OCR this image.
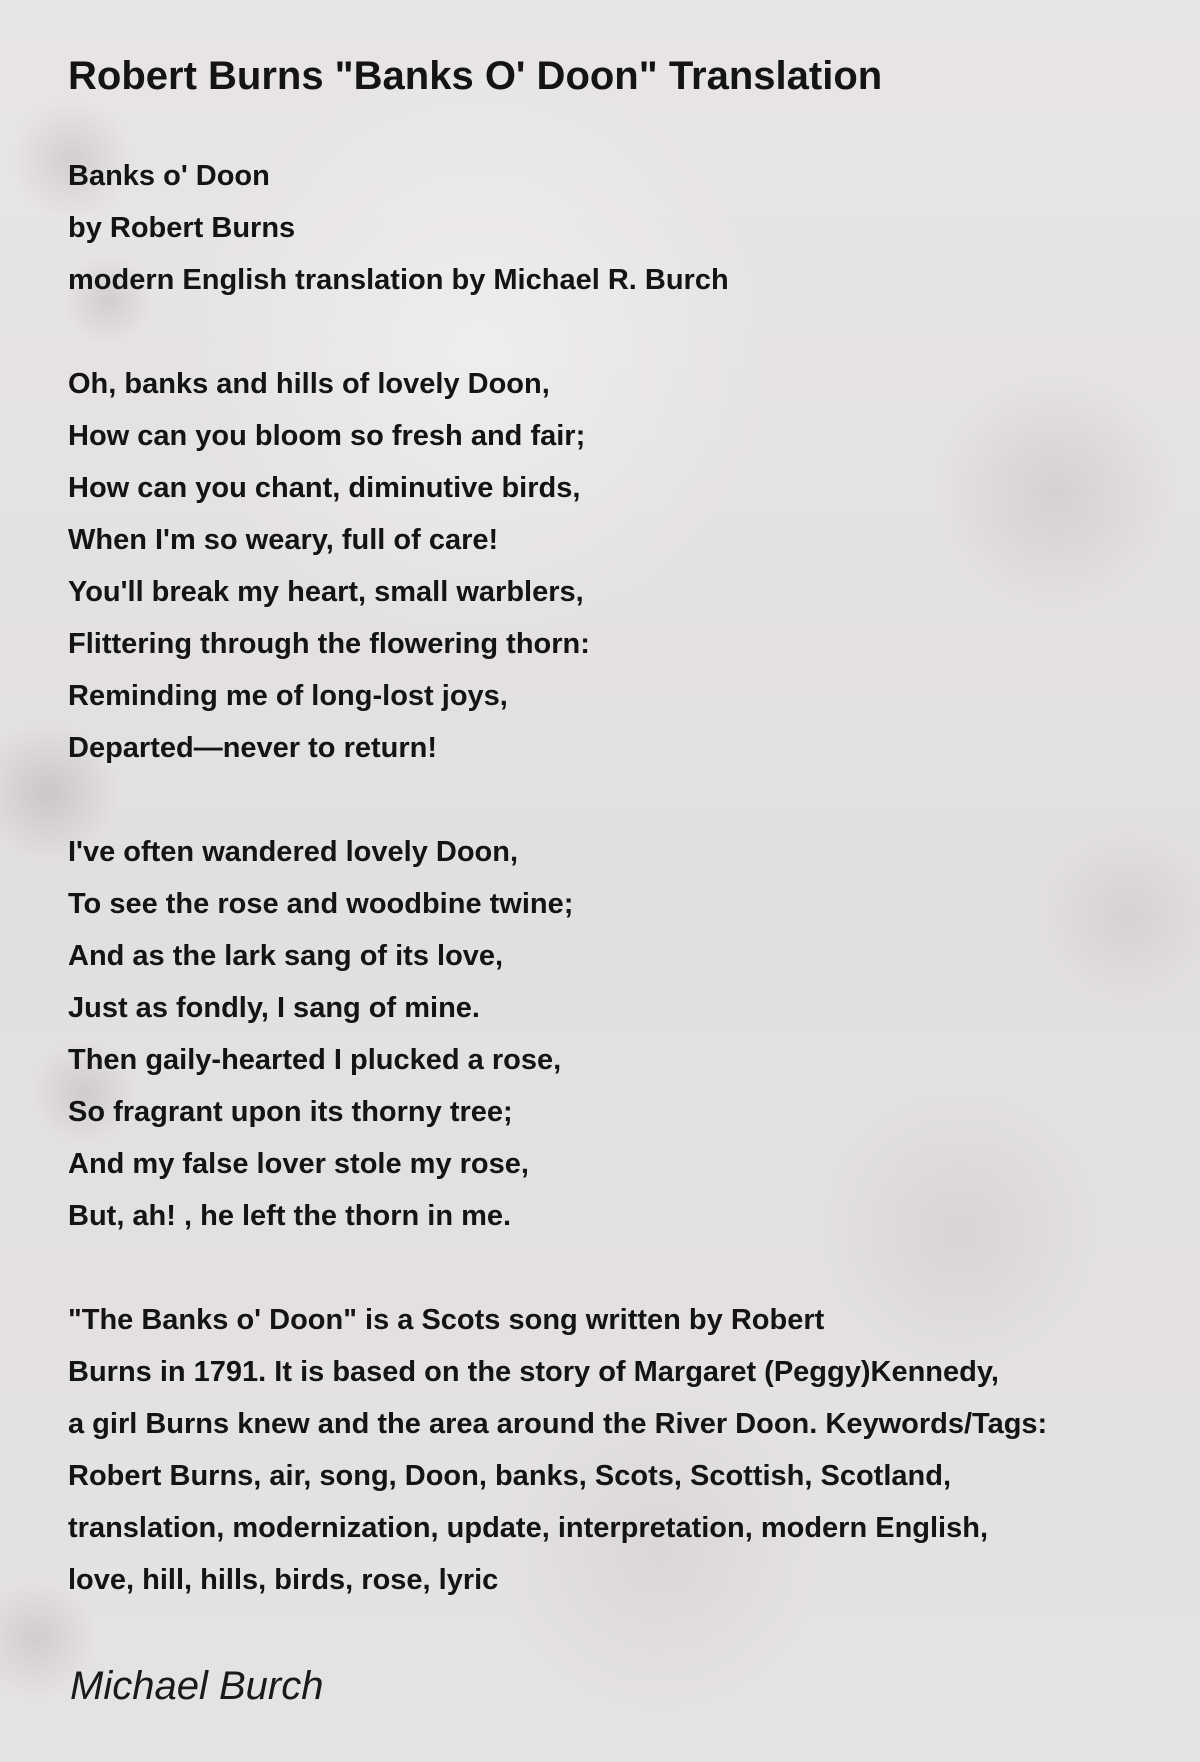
Robert Burns "Banks O' Doon" Translation
Banks o' Doon
by Robert Burns
modern English translation by Michael R. Burch
Oh, banks and hills of lovely Doon,
How can you bloom so fresh and fair;
How can you chant, diminutive birds,
When I'm so weary, full of care!
You'll break my heart, small warblers,
Flittering through the flowering thorn:
Reminding me of long-lost joys,
Departed—never to return!
I've often wandered lovely Doon,
To see the rose and woodbine twine;
And as the lark sang of its love,
Just as fondly, I sang of mine.
Then gaily-hearted I plucked a rose,
So fragrant upon its thorny tree;
And my false lover stole my rose,
But, ah! , he left the thorn in me.
"The Banks o' Doon" is a Scots song written by Robert
Burns in 1791. It is based on the story of Margaret (Peggy)Kennedy,
a girl Burns knew and the area around the River Doon. Keywords/Tags:
Robert Burns, air, song, Doon, banks, Scots, Scottish, Scotland,
translation, modernization, update, interpretation, modern English,
love, hill, hills, birds, rose, lyric
Michael Burch
